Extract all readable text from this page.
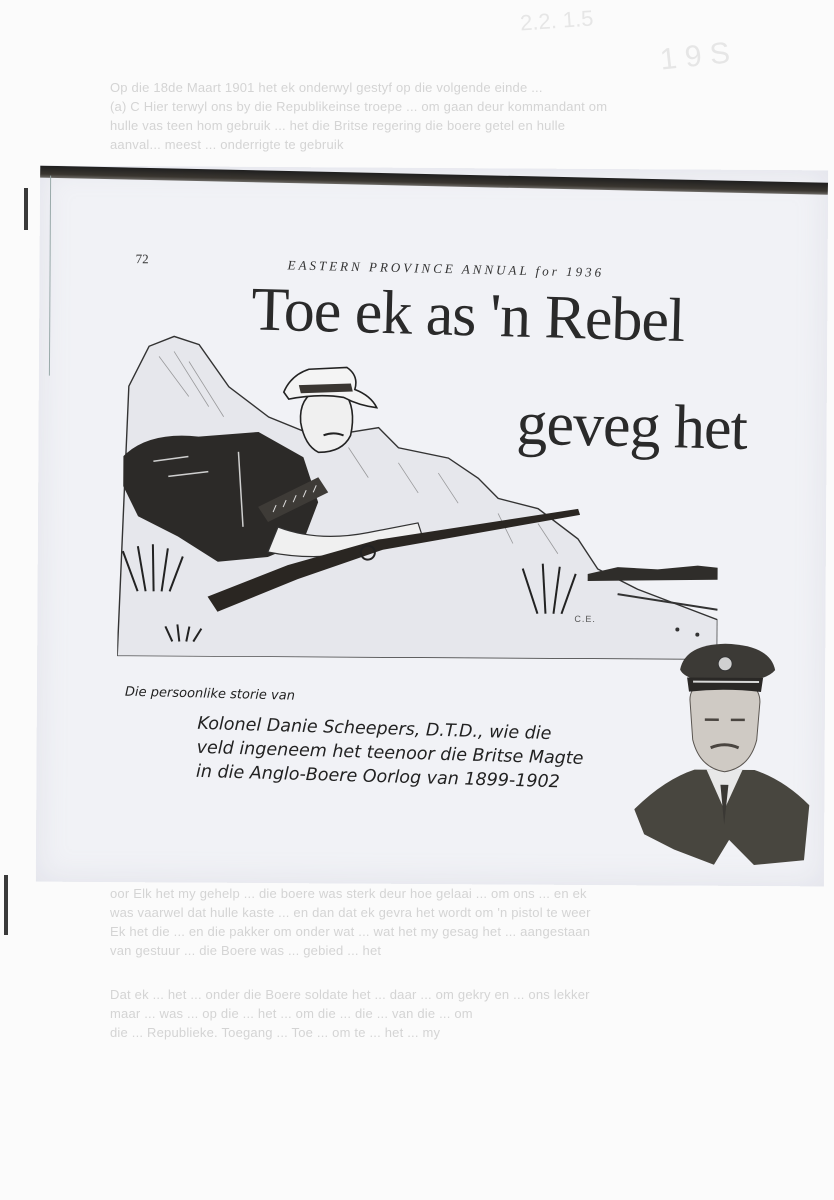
2.2. 1.5
1 9 S
Op die 18de Maart 1901 het ek onderwyl gestyf op die volgende einde ...
(a) C Hier terwyl ons by die Republikeinse troepe ... om gaan deur kommandant om
hulle vas teen hom gebruik ... het die Britse regering die boere getel en hulle
aanval... meest ... onderrigte te gebruik
oor Elk het my gehelp ... die boere was sterk deur hoe gelaai ... om ons ... en ek
was vaarwel dat hulle kaste ... en dan dat ek gevra het wordt om 'n pistol te weer
Ek het die ... en die pakker om onder wat ... wat het my gesag het ... aangestaan
van gestuur ... die Boere was ... gebied ... het
Dat ek ... het ... onder die Boere soldate het ... daar ... om gekry en ... ons lekker
maar ... was ... op die ... het ... om die ... die ... van die ... om
die ... Republieke. Toegang ... Toe ... om te ... het ... my
72	EASTERN PROVINCE ANNUAL for 1936
C.E.
Toe ek as 'n Rebel
geveg het
Die persoonlike storie van
Kolonel Danie Scheepers, D.T.D., wie die
veld ingeneem het teenoor die Britse Magte
in die Anglo-Boere Oorlog van 1899-1902
